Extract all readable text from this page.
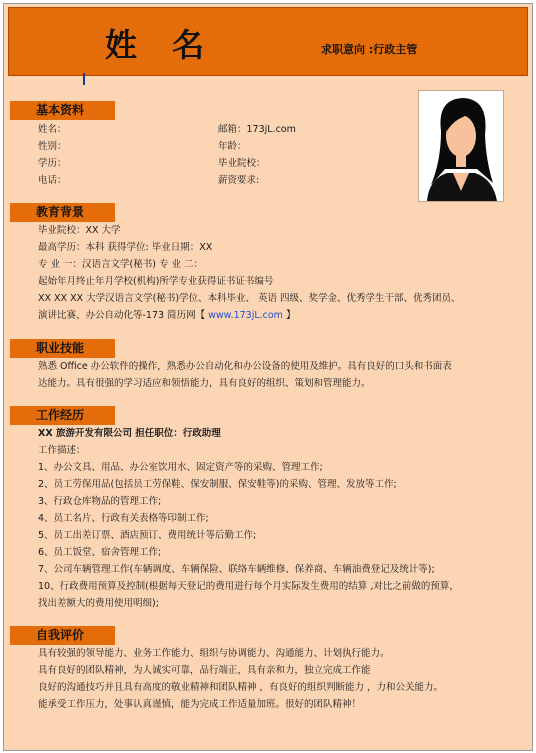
姓 名	求职意向 :行政主管
基本资料
姓名：
性别：
学历：
电话：
邮箱：173jL.com
年龄：
毕业院校：
薪资要求:
教育背景
毕业院校：XX 大学
最高学历：本科 获得学位: 毕业日期：XX
专 业 一：汉语言文学(秘书) 专 业 二：
起始年月终止年月学校(机构)所学专业获得证书证书编号
XX XX XX 大学汉语言文学(秘书)学位、本科毕业、 英语 四级、奖学金、优秀学生干部、优秀团员、
演讲比赛、办公自动化等-173 简历网【 www.173jL.com 】
职业技能
熟悉 Office 办公软件的操作，熟悉办公自动化和办公设备的使用及维护。具有良好的口头和书面表
达能力。具有很强的学习适应和领悟能力，具有良好的组织、策划和管理能力。
工作经历
XX 旅游开发有限公司 担任职位：行政助理
工作描述：
1、办公文具、用品、办公室饮用水、固定资产等的采购、管理工作;
2、员工劳保用品(包括员工劳保鞋、保安制服、保安鞋等)的采购、管理、发放等工作;
3、行政仓库物品的管理工作;
4、员工名片、行政有关表格等印制工作;
5、员工出差订票、酒店预订、费用统计等后勤工作;
6、员工饭堂、宿舍管理工作;
7、公司车辆管理工作(车辆调度、车辆保险、联络车辆维修、保养商、车辆油费登记及统计等);
10、行政费用预算及控制(根据每天登记的费用进行每个月实际发生费用的结算 ,对比之前做的预算，
找出差额大的费用使用明细);
自我评价
具有较强的领导能力、业务工作能力、组织与协调能力、沟通能力、计划执行能力。
具有良好的团队精神，为人诚实可靠，品行端正，具有亲和力，独立完成工作能
良好的沟通技巧并且具有高度的敬业精神和团队精神 ，有良好的组织判断能力 ，力和公关能力。
能承受工作压力，处事认真谨慎，能为完成工作适量加班。很好的团队精神！
